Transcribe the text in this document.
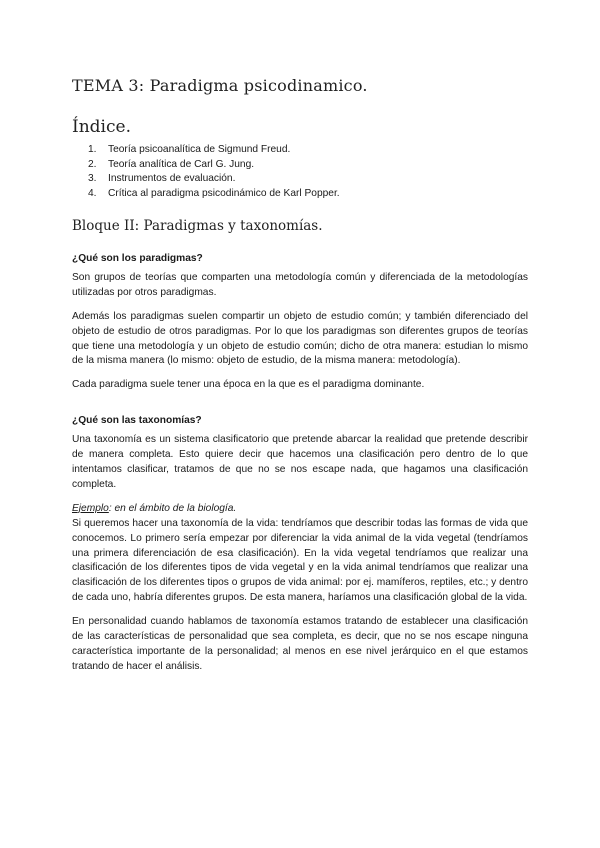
TEMA 3: Paradigma psicodinamico.
Índice.
1.	Teoría psicoanalítica de Sigmund Freud.
2.	Teoría analítica de Carl G. Jung.
3.	Instrumentos de evaluación.
4.	Crítica al paradigma psicodinámico de Karl Popper.
Bloque II: Paradigmas y taxonomías.

¿Qué son los paradigmas?

Son grupos de teorías que comparten una metodología común y diferenciada de la metodologías utilizadas por otros paradigmas.

Además los paradigmas suelen compartir un objeto de estudio común; y también diferenciado del objeto de estudio de otros paradigmas. Por lo que los paradigmas son diferentes grupos de teorías que tiene una metodología y un objeto de estudio común; dicho de otra manera: estudian lo mismo de la misma manera (lo mismo: objeto de estudio, de la misma manera: metodología).

Cada paradigma suele tener una época en la que es el paradigma dominante.

¿Qué son las taxonomías?

Una taxonomía es un sistema clasificatorio que pretende abarcar la realidad que pretende describir de manera completa. Esto quiere decir que hacemos una clasificación pero dentro de lo que intentamos clasificar, tratamos de que no se nos escape nada, que hagamos una clasificación completa.

Ejemplo: en el ámbito de la biología.

Si queremos hacer una taxonomía de la vida: tendríamos que describir todas las formas de vida que conocemos. Lo primero sería empezar por diferenciar la vida animal de la vida vegetal (tendríamos una primera diferenciación de esa clasificación). En la vida vegetal tendríamos que realizar una clasificación de los diferentes tipos de vida vegetal y en la vida animal tendríamos que realizar una clasificación de los diferentes tipos o grupos de vida animal: por ej. mamíferos, reptiles, etc.; y dentro de cada uno, habría diferentes grupos. De esta manera, haríamos una clasificación global de la vida.

En personalidad cuando hablamos de taxonomía estamos tratando de establecer una clasificación de las características de personalidad que sea completa, es decir, que no se nos escape ninguna característica importante de la personalidad; al menos en ese nivel jerárquico en el que estamos tratando de hacer el análisis.
